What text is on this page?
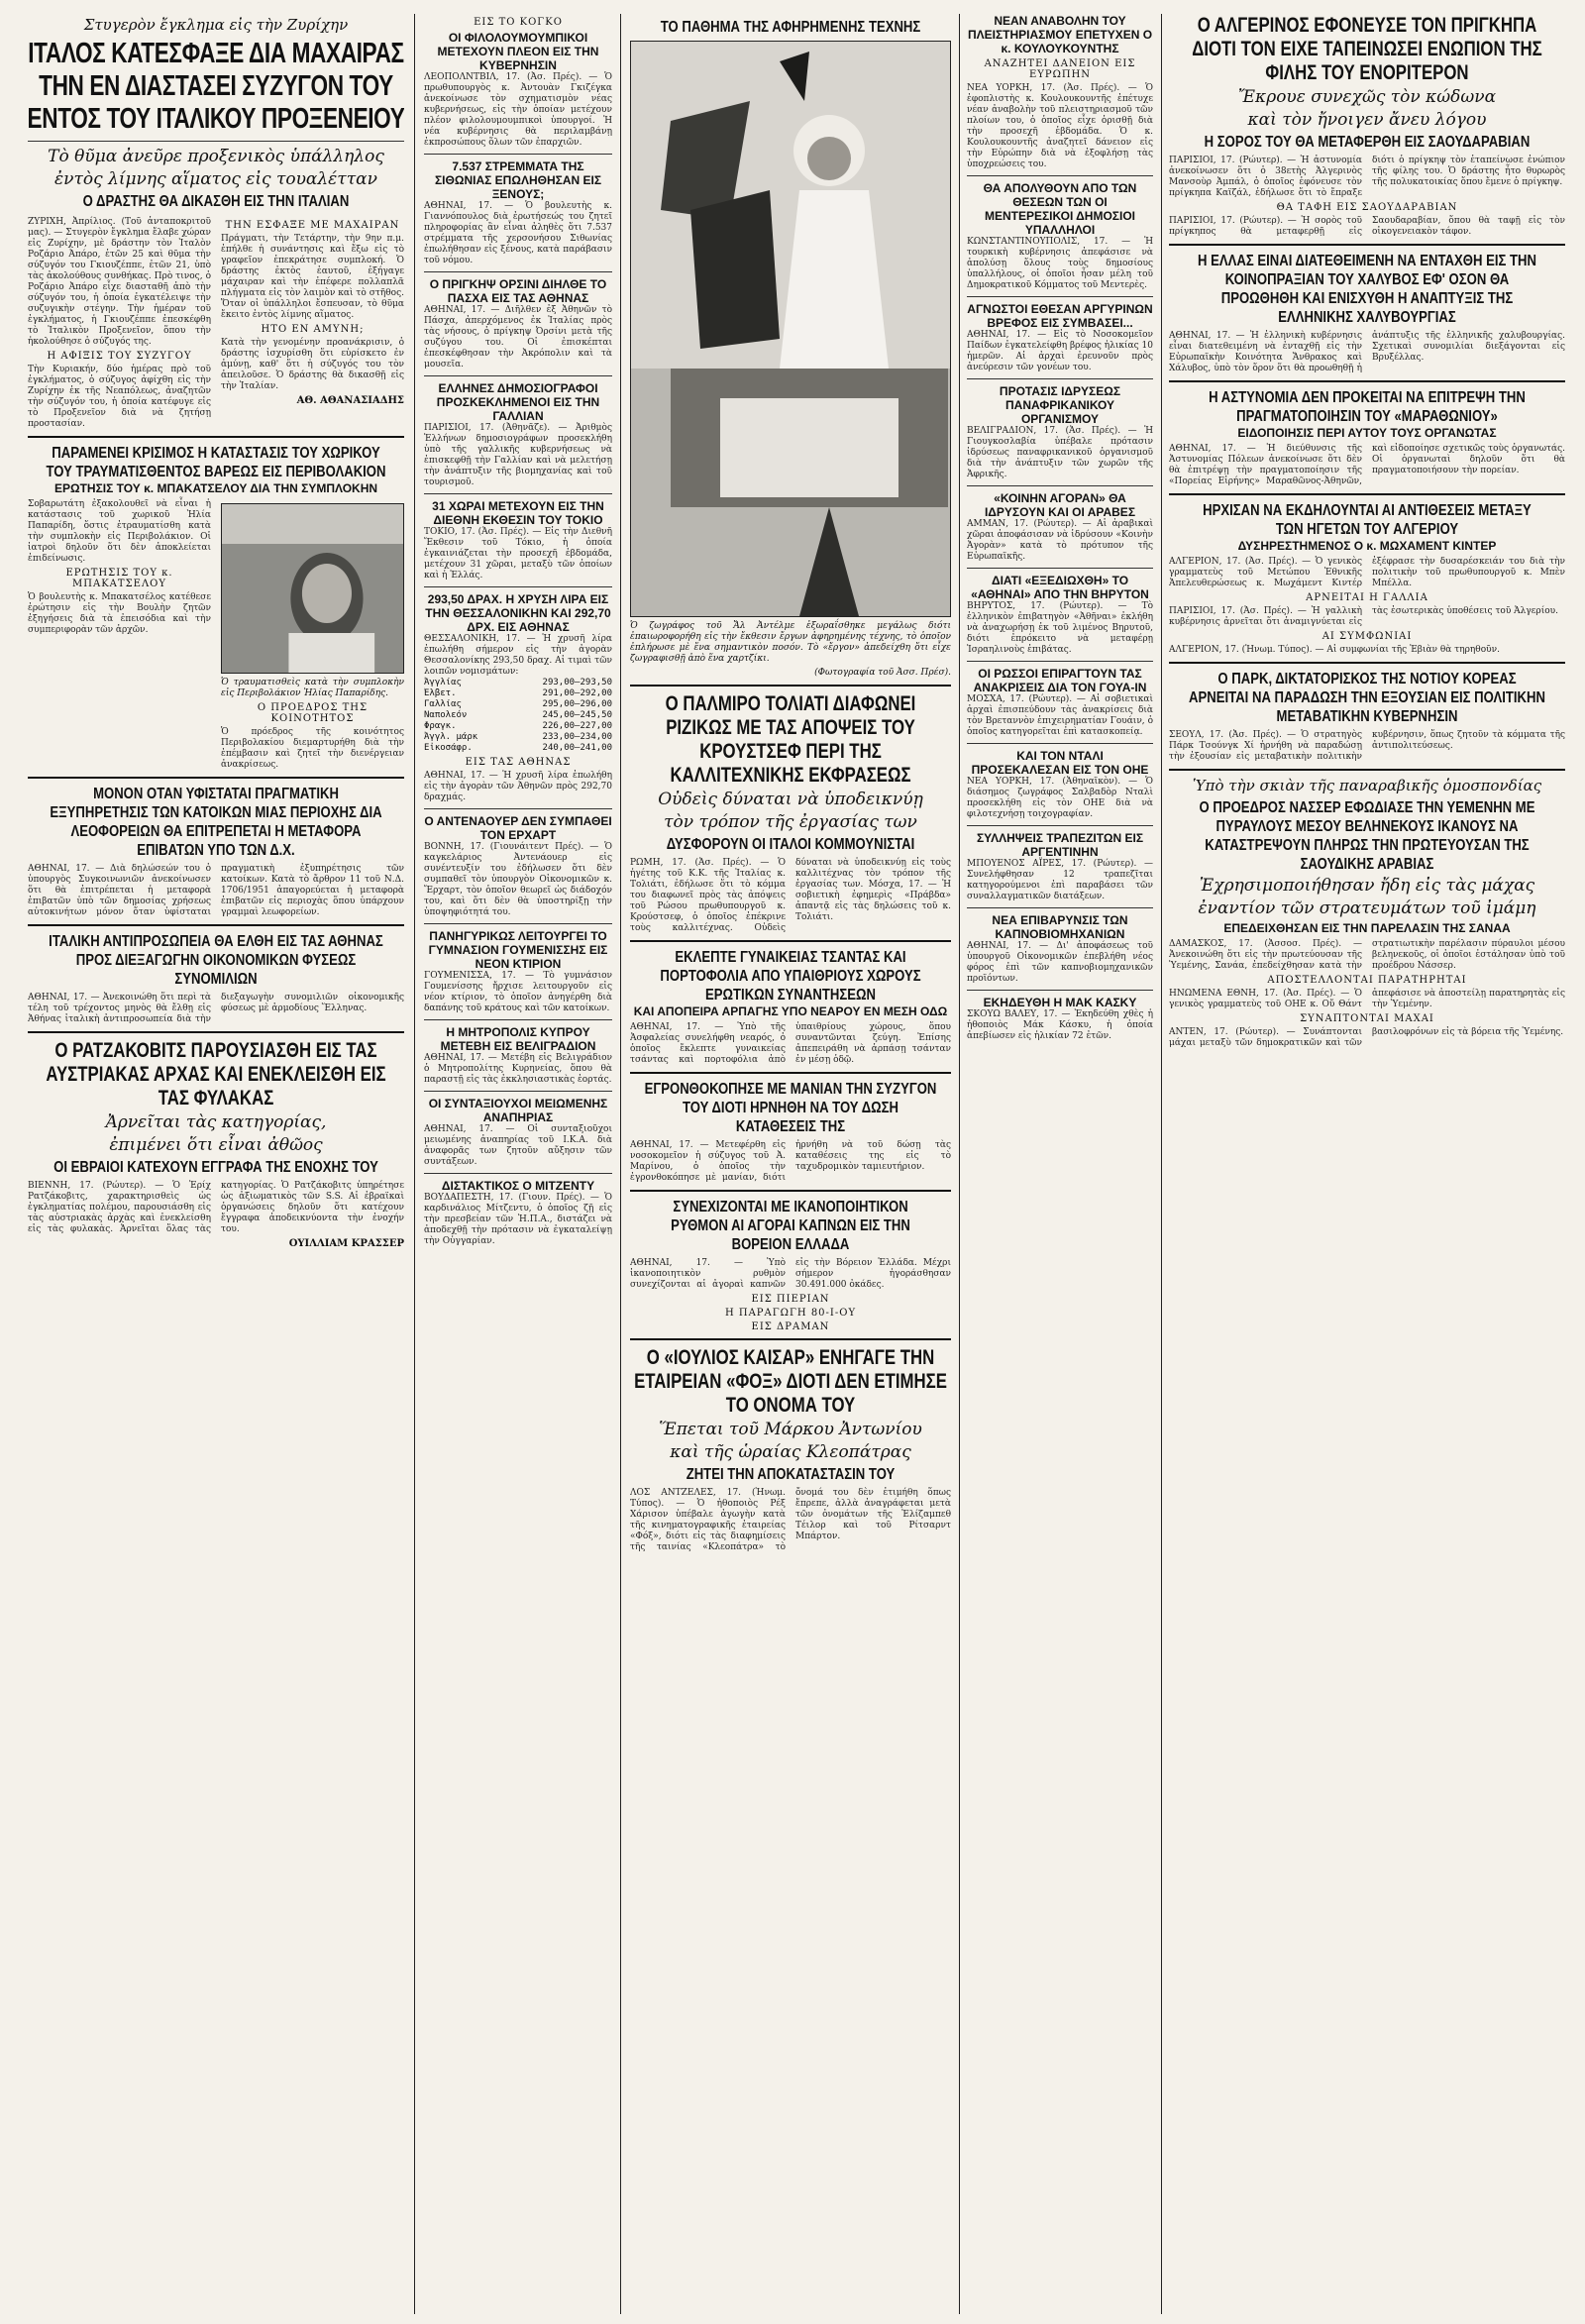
Στυγερὸν ἔγκλημα εἰς τὴν Ζυρίχην
ΙΤΑΛΟΣ ΚΑΤΕΣΦΑΞΕ ΔΙΑ ΜΑΧΑΙΡΑΣ ΤΗΝ ΕΝ ΔΙΑΣΤΑΣΕΙ ΣΥΖΥΓΟΝ ΤΟΥ ΕΝΤΟΣ ΤΟΥ ΙΤΑΛΙΚΟΥ ΠΡΟΞΕΝΕΙΟΥ
Τὸ θῦμα ἀνεῦρε προξενικὸς ὑπάλληλος
ἐντὸς λίμνης αἵματος εἰς τουαλέτταν
Ο ΔΡΑΣΤΗΣ ΘΑ ΔΙΚΑΣΘΗ ΕΙΣ ΤΗΝ ΙΤΑΛΙΑΝ
ΖΥΡΙΧΗ, Ἀπρίλιος. (Τοῦ ἀνταποκριτοῦ μας). — Στυγερὸν ἔγκλημα ἔλαβε χώραν εἰς Ζυρίχην, μὲ δράστην τὸν Ἰταλὸν Ροζάριο Ἀπάρο, ἐτῶν 25 καὶ θῦμα τὴν σύζυγόν του Γκιουζέππε, ἐτῶν 21, ὑπὸ τὰς ἀκολούθους συνθήκας. Πρὸ τινος, ὁ Ροζάριο Ἀπάρο εἶχε διασταθῆ ἀπὸ τὴν σύζυγόν του, ἡ ὁποία ἐγκατέλειψε τὴν συζυγικὴν στέγην. Τὴν ἡμέραν τοῦ ἐγκλήματος, ἡ Γκιουζέππε ἐπεσκέφθη τὸ Ἰταλικὸν Προξενεῖον, ὅπου τὴν ἠκολούθησε ὁ σύζυγός της.
Η ΑΦΙΞΙΣ ΤΟΥ ΣΥΖΥΓΟΥ
Τὴν Κυριακήν, δύο ἡμέρας πρὸ τοῦ ἐγκλήματος, ὁ σύζυγος ἀφίχθη εἰς τὴν Ζυρίχην ἐκ τῆς Νεαπόλεως, ἀναζητῶν τὴν σύζυγόν του, ἡ ὁποία κατέφυγε εἰς τὸ Προξενεῖον διὰ νὰ ζητήσῃ προστασίαν.
ΤΗΝ ΕΣΦΑΞΕ ΜΕ ΜΑΧΑΙΡΑΝ
Πράγματι, τὴν Τετάρτην, τὴν 9ην π.μ. ἐπήλθε ἡ συνάντησις καὶ ἔξω εἰς τὸ γραφεῖον ἐπεκράτησε συμπλοκή. Ὁ δράστης ἐκτὸς ἑαυτοῦ, ἐξήγαγε μάχαιραν καὶ τὴν ἐπέφερε πολλαπλᾶ πλήγματα εἰς τὸν λαιμὸν καὶ τὸ στῆθος. Ὅταν οἱ ὑπάλληλοι ἔσπευσαν, τὸ θῦμα ἔκειτο ἐντὸς λίμνης αἵματος.
ΗΤΟ ΕΝ ΑΜΥΝΗ;
Κατὰ τὴν γενομένην προανάκρισιν, ὁ δράστης ἰσχυρίσθη ὅτι εὑρίσκετο ἐν ἀμύνῃ, καθ' ὅτι ἡ σύζυγός του τὸν ἀπειλοῦσε. Ὁ δράστης θὰ δικασθῇ εἰς τὴν Ἰταλίαν.
ΑΘ. ΑΘΑΝΑΣΙΑΔΗΣ
ΠΑΡΑΜΕΝΕΙ ΚΡΙΣΙΜΟΣ Η ΚΑΤΑΣΤΑΣΙΣ ΤΟΥ ΧΩΡΙΚΟΥ ΤΟΥ ΤΡΑΥΜΑΤΙΣΘΕΝΤΟΣ ΒΑΡΕΩΣ ΕΙΣ ΠΕΡΙΒΟΛΑΚΙΟΝ
ΕΡΩΤΗΣΙΣ ΤΟΥ κ. ΜΠΑΚΑΤΣΕΛΟΥ ΔΙΑ ΤΗΝ ΣΥΜΠΛΟΚΗΝ
Σοβαρωτάτη ἐξακολουθεῖ νὰ εἶναι ἡ κατάστασις τοῦ χωρικοῦ Ἠλία Παπαρίδη, ὅστις ἐτραυματίσθη κατὰ τὴν συμπλοκὴν εἰς Περιβολάκιον. Οἱ ἰατροὶ δηλοῦν ὅτι δὲν ἀποκλείεται ἐπιδείνωσις.
ΕΡΩΤΗΣΙΣ ΤΟΥ κ. ΜΠΑΚΑΤΣΕΛΟΥ
Ὁ βουλευτὴς κ. Μπακατσέλος κατέθεσε ἐρώτησιν εἰς τὴν Βουλὴν ζητῶν ἐξηγήσεις διὰ τὰ ἐπεισόδια καὶ τὴν συμπεριφορὰν τῶν ἀρχῶν.
Ὁ τραυματισθεὶς κατὰ τὴν συμπλοκὴν εἰς Περιβολάκιον Ἠλίας Παπαρίδης.
Ο ΠΡΟΕΔΡΟΣ ΤΗΣ ΚΟΙΝΟΤΗΤΟΣ
Ὁ πρόεδρος τῆς κοινότητος Περιβολακίου διεμαρτυρήθη διὰ τὴν ἐπέμβασιν καὶ ζητεῖ τὴν διενέργειαν ἀνακρίσεως.
ΜΟΝΟΝ ΟΤΑΝ ΥΦΙΣΤΑΤΑΙ ΠΡΑΓΜΑΤΙΚΗ ΕΞΥΠΗΡΕΤΗΣΙΣ ΤΩΝ ΚΑΤΟΙΚΩΝ ΜΙΑΣ ΠΕΡΙΟΧΗΣ ΔΙΑ ΛΕΟΦΟΡΕΙΩΝ ΘΑ ΕΠΙΤΡΕΠΕΤΑΙ Η ΜΕΤΑΦΟΡΑ ΕΠΙΒΑΤΩΝ ΥΠΟ ΤΩΝ Δ.Χ.
ΑΘΗΝΑΙ, 17. — Διὰ δηλώσεών του ὁ ὑπουργὸς Συγκοινωνιῶν ἀνεκοίνωσεν ὅτι θὰ ἐπιτρέπεται ἡ μεταφορὰ ἐπιβατῶν ὑπὸ τῶν δημοσίας χρήσεως αὐτοκινήτων μόνον ὅταν ὑφίσταται πραγματικὴ ἐξυπηρέτησις τῶν κατοίκων. Κατὰ τὸ ἄρθρον 11 τοῦ Ν.Δ. 1706/1951 ἀπαγορεύεται ἡ μεταφορὰ ἐπιβατῶν εἰς περιοχὰς ὅπου ὑπάρχουν γραμμαὶ λεωφορείων.
ΙΤΑΛΙΚΗ ΑΝΤΙΠΡΟΣΩΠΕΙΑ ΘΑ ΕΛΘΗ ΕΙΣ ΤΑΣ ΑΘΗΝΑΣ ΠΡΟΣ ΔΙΕΞΑΓΩΓΗΝ ΟΙΚΟΝΟΜΙΚΩΝ ΦΥΣΕΩΣ ΣΥΝΟΜΙΛΙΩΝ
ΑΘΗΝΑΙ, 17. — Ἀνεκοινώθη ὅτι περὶ τὰ τέλη τοῦ τρέχοντος μηνὸς θὰ ἔλθῃ εἰς Ἀθήνας ἰταλικὴ ἀντιπροσωπεία διὰ τὴν διεξαγωγὴν συνομιλιῶν οἰκονομικῆς φύσεως μὲ ἁρμοδίους Ἕλληνας.
Ο ΡΑΤΖΑΚΟΒΙΤΣ ΠΑΡΟΥΣΙΑΣΘΗ ΕΙΣ ΤΑΣ ΑΥΣΤΡΙΑΚΑΣ ΑΡΧΑΣ ΚΑΙ ΕΝΕΚΛΕΙΣΘΗ ΕΙΣ ΤΑΣ ΦΥΛΑΚΑΣ
Ἀρνεῖται τὰς κατηγορίας,
ἐπιμένει ὅτι εἶναι ἀθῶος
ΟΙ ΕΒΡΑΙΟΙ ΚΑΤΕΧΟΥΝ ΕΓΓΡΑΦΑ ΤΗΣ ΕΝΟΧΗΣ ΤΟΥ
ΒΙΕΝΝΗ, 17. (Ρώυτερ). — Ὁ Ἐρίχ Ρατζάκοβιτς, χαρακτηρισθεὶς ὡς ἐγκληματίας πολέμου, παρουσιάσθη εἰς τὰς αὐστριακὰς ἀρχὰς καὶ ἐνεκλείσθη εἰς τὰς φυλακὰς. Ἀρνεῖται ὅλας τὰς κατηγορίας. Ὁ Ρατζάκοβιτς ὑπηρέτησε ὡς ἀξιωματικὸς τῶν S.S. Αἱ ἑβραϊκαὶ ὀργανώσεις δηλοῦν ὅτι κατέχουν ἔγγραφα ἀποδεικνύοντα τὴν ἐνοχήν του.
ΟΥΙΛΛΙΑΜ ΚΡΑΣΣΕΡ
ΕΙΣ ΤΟ ΚΟΓΚΟ
ΟΙ ΦΙΛΟΛΟΥΜΟΥΜΠΙΚΟΙ ΜΕΤΕΧΟΥΝ ΠΛΕΟΝ ΕΙΣ ΤΗΝ ΚΥΒΕΡΝΗΣΙΝ
ΛΕΟΠΟΛΝΤΒΙΛ, 17. (Ἀσ. Πρές). — Ὁ πρωθυπουργὸς κ. Ἀντουὰν Γκιζέγκα ἀνεκοίνωσε τὸν σχηματισμὸν νέας κυβερνήσεως, εἰς τὴν ὁποίαν μετέχουν πλέον φιλολουμουμπικοὶ ὑπουργοί. Ἡ νέα κυβέρνησις θὰ περιλαμβάνῃ ἐκπροσώπους ὅλων τῶν ἐπαρχιῶν.
7.537 ΣΤΡΕΜΜΑΤΑ ΤΗΣ ΣΙΘΩΝΙΑΣ ΕΠΩΛΗΘΗΣΑΝ ΕΙΣ ΞΕΝΟΥΣ;
ΑΘΗΝΑΙ, 17. — Ὁ βουλευτὴς κ. Γιαννόπουλος διὰ ἐρωτήσεώς του ζητεῖ πληροφορίας ἂν εἶναι ἀληθὲς ὅτι 7.537 στρέμματα τῆς χερσονήσου Σιθωνίας ἐπωλήθησαν εἰς ξένους, κατὰ παράβασιν τοῦ νόμου.
Ο ΠΡΙΓΚΗΨ ΟΡΣΙΝΙ ΔΙΗΛΘΕ ΤΟ ΠΑΣΧΑ ΕΙΣ ΤΑΣ ΑΘΗΝΑΣ
ΑΘΗΝΑΙ, 17. — Διῆλθεν ἐξ Ἀθηνῶν τὸ Πάσχα, ἀπερχόμενος ἐκ Ἰταλίας πρὸς τὰς νήσους, ὁ πρίγκηψ Ὀρσίνι μετὰ τῆς συζύγου του. Οἱ ἐπισκέπται ἐπεσκέφθησαν τὴν Ἀκρόπολιν καὶ τὰ μουσεῖα.
ΕΛΛΗΝΕΣ ΔΗΜΟΣΙΟΓΡΑΦΟΙ ΠΡΟΣΚΕΚΛΗΜΕΝΟΙ ΕΙΣ ΤΗΝ ΓΑΛΛΙΑΝ
ΠΑΡΙΣΙΟΙ, 17. (Ἀθηνᾶζε). — Ἀριθμὸς Ἑλλήνων δημοσιογράφων προσεκλήθη ὑπὸ τῆς γαλλικῆς κυβερνήσεως νὰ ἐπισκεφθῇ τὴν Γαλλίαν καὶ νὰ μελετήσῃ τὴν ἀνάπτυξιν τῆς βιομηχανίας καὶ τοῦ τουρισμοῦ.
31 ΧΩΡΑΙ ΜΕΤΕΧΟΥΝ ΕΙΣ ΤΗΝ ΔΙΕΘΝΗ ΕΚΘΕΣΙΝ ΤΟΥ ΤΟΚΙΟ
ΤΟΚΙΟ, 17. (Ἀσ. Πρές). — Εἰς τὴν Διεθνῆ Ἔκθεσιν τοῦ Τόκιο, ἡ ὁποία ἐγκαινιάζεται τὴν προσεχῆ ἑβδομάδα, μετέχουν 31 χῶραι, μεταξὺ τῶν ὁποίων καὶ ἡ Ἑλλάς.
293,50 ΔΡΑΧ. Η ΧΡΥΣΗ ΛΙΡΑ ΕΙΣ ΤΗΝ ΘΕΣΣΑΛΟΝΙΚΗΝ ΚΑΙ 292,70 ΔΡΧ. ΕΙΣ ΑΘΗΝΑΣ
ΘΕΣΣΑΛΟΝΙΚΗ, 17. — Ἡ χρυσῆ λίρα ἐπωλήθη σήμερον εἰς τὴν ἀγορὰν Θεσσαλονίκης 293,50 δραχ. Αἱ τιμαὶ τῶν λοιπῶν νομισμάτων:
Ἀγγλίας	293,00—293,50
Ἑλβετ.	291,00—292,00
Γαλλίας	295,00—296,00
Ναπολεόν	245,00—245,50
Φραγκ.	226,00—227,00
Ἀγγλ. μάρκ	233,00—234,00
Εἰκοσάφρ.	240,00—241,00
ΕΙΣ ΤΑΣ ΑΘΗΝΑΣ
ΑΘΗΝΑΙ, 17. — Ἡ χρυσῆ λίρα ἐπωλήθη εἰς τὴν ἀγορὰν τῶν Ἀθηνῶν πρὸς 292,70 δραχμάς.
Ο ΑΝΤΕΝΑΟΥΕΡ ΔΕΝ ΣΥΜΠΑΘΕΙ ΤΟΝ ΕΡΧΑΡΤ
ΒΟΝΝΗ, 17. (Γιουνάιτεντ Πρές). — Ὁ καγκελάριος Ἀντενάουερ εἰς συνέντευξίν του ἐδήλωσεν ὅτι δὲν συμπαθεῖ τὸν ὑπουργὸν Οἰκονομικῶν κ. Ἔρχαρτ, τὸν ὁποῖον θεωρεῖ ὡς διάδοχόν του, καὶ ὅτι δὲν θὰ ὑποστηρίξῃ τὴν ὑποψηφιότητά του.
ΠΑΝΗΓΥΡΙΚΩΣ ΛΕΙΤΟΥΡΓΕΙ ΤΟ ΓΥΜΝΑΣΙΟΝ ΓΟΥΜΕΝΙΣΣΗΣ ΕΙΣ ΝΕΟΝ ΚΤΙΡΙΟΝ
ΓΟΥΜΕΝΙΣΣΑ, 17. — Τὸ γυμνάσιον Γουμενίσσης ἤρχισε λειτουργοῦν εἰς νέον κτίριον, τὸ ὁποῖον ἀνηγέρθη διὰ δαπάνης τοῦ κράτους καὶ τῶν κατοίκων.
Η ΜΗΤΡΟΠΟΛΙΣ ΚΥΠΡΟΥ ΜΕΤΕΒΗ ΕΙΣ ΒΕΛΙΓΡΑΔΙΟΝ
ΑΘΗΝΑΙ, 17. — Μετέβη εἰς Βελιγράδιον ὁ Μητροπολίτης Κυρηνείας, ὅπου θὰ παραστῇ εἰς τὰς ἐκκλησιαστικὰς ἑορτάς.
ΟΙ ΣΥΝΤΑΞΙΟΥΧΟΙ ΜΕΙΩΜΕΝΗΣ ΑΝΑΠΗΡΙΑΣ
ΑΘΗΝΑΙ, 17. — Οἱ συνταξιοῦχοι μειωμένης ἀναπηρίας τοῦ Ι.Κ.Α. διὰ ἀναφορᾶς των ζητοῦν αὔξησιν τῶν συντάξεων.
ΔΙΣΤΑΚΤΙΚΟΣ Ο ΜΙΤΖΕΝΤΥ
ΒΟΥΔΑΠΕΣΤΗ, 17. (Γιουν. Πρές). — Ὁ καρδινάλιος Μίτζεντυ, ὁ ὁποῖος ζῇ εἰς τὴν πρεσβείαν τῶν Ἡ.Π.Α., διστάζει νὰ ἀποδεχθῇ τὴν πρότασιν νὰ ἐγκαταλείψῃ τὴν Οὑγγαρίαν.
ΤΟ ΠΑΘΗΜΑ ΤΗΣ ΑΦΗΡΗΜΕΝΗΣ ΤΕΧΝΗΣ
Ὁ ζωγράφος τοῦ Ἄλ Ἀντέλμε ἐξωραΐσθηκε μεγάλως διότι ἐπαιωροφορήθη εἰς τὴν ἔκθεσιν ἔργων ἀφηρημένης τέχνης, τὸ ὁποῖον ἐπλήρωσε μὲ ἕνα σημαντικὸν ποσόν. Τὸ «ἔργον» ἀπεδείχθη ὅτι εἶχε ζωγραφισθῇ ἀπὸ ἕνα χαρτζίκι.
(Φωτογραφία τοῦ Ἀσσ. Πρέσ).
Ο ΠΑΛΜΙΡΟ ΤΟΛΙΑΤΙ ΔΙΑΦΩΝΕΙ ΡΙΖΙΚΩΣ ΜΕ ΤΑΣ ΑΠΟΨΕΙΣ ΤΟΥ ΚΡΟΥΣΤΣΕΦ ΠΕΡΙ ΤΗΣ ΚΑΛΛΙΤΕΧΝΙΚΗΣ ΕΚΦΡΑΣΕΩΣ
Οὐδεὶς δύναται νὰ ὑποδεικνύῃ
τὸν τρόπον τῆς ἐργασίας των
ΔΥΣΦΟΡΟΥΝ ΟΙ ΙΤΑΛΟΙ ΚΟΜΜΟΥΝΙΣΤΑΙ
ΡΩΜΗ, 17. (Ἀσ. Πρές). — Ὁ ἡγέτης τοῦ Κ.Κ. τῆς Ἰταλίας κ. Τολιάτι, ἐδήλωσε ὅτι τὸ κόμμα του διαφωνεῖ πρὸς τὰς ἀπόψεις τοῦ Ρώσου πρωθυπουργοῦ κ. Κρούστσεφ, ὁ ὁποῖος ἐπέκρινε τοὺς καλλιτέχνας. Οὐδεὶς δύναται νὰ ὑποδεικνύῃ εἰς τοὺς καλλιτέχνας τὸν τρόπον τῆς ἐργασίας των. Μόσχα, 17. — Ἡ σοβιετικὴ ἐφημερὶς «Πράβδα» ἀπαντᾷ εἰς τὰς δηλώσεις τοῦ κ. Τολιάτι.
ΕΚΛΕΠΤΕ ΓΥΝΑΙΚΕΙΑΣ ΤΣΑΝΤΑΣ ΚΑΙ ΠΟΡΤΟΦΟΛΙΑ ΑΠΟ ΥΠΑΙΘΡΙΟΥΣ ΧΩΡΟΥΣ ΕΡΩΤΙΚΩΝ ΣΥΝΑΝΤΗΣΕΩΝ
ΚΑΙ ΑΠΟΠΕΙΡΑ ΑΡΠΑΓΗΣ ΥΠΟ ΝΕΑΡΟΥ ΕΝ ΜΕΣΗ ΟΔΩ
ΑΘΗΝΑΙ, 17. — Ὑπὸ τῆς Ἀσφαλείας συνελήφθη νεαρός, ὁ ὁποῖος ἔκλεπτε γυναικείας τσάντας καὶ πορτοφόλια ἀπὸ ὑπαιθρίους χώρους, ὅπου συναντῶνται ζεύγη. Ἐπίσης ἀπεπειράθη νὰ ἁρπάσῃ τσάνταν ἐν μέσῃ ὁδῷ.
ΕΓΡΟΝΘΟΚΟΠΗΣΕ ΜΕ ΜΑΝΙΑΝ ΤΗΝ ΣΥΖΥΓΟΝ ΤΟΥ ΔΙΟΤΙ ΗΡΝΗΘΗ ΝΑ ΤΟΥ ΔΩΣΗ ΚΑΤΑΘΕΣΕΙΣ ΤΗΣ
ΑΘΗΝΑΙ, 17. — Μετεφέρθη εἰς νοσοκομεῖον ἡ σύζυγος τοῦ Ἀ. Μαρίνου, ὁ ὁποῖος τὴν ἐγρονθοκόπησε μὲ μανίαν, διότι ἠρνήθη νὰ τοῦ δώσῃ τὰς καταθέσεις της εἰς τὸ ταχυδρομικὸν ταμιευτήριον.
ΣΥΝΕΧΙΖΟΝΤΑΙ ΜΕ ΙΚΑΝΟΠΟΙΗΤΙΚΟΝ ΡΥΘΜΟΝ ΑΙ ΑΓΟΡΑΙ ΚΑΠΝΩΝ ΕΙΣ ΤΗΝ ΒΟΡΕΙΟΝ ΕΛΛΑΔΑ
ΑΘΗΝΑΙ, 17. — Ὑπὸ ἰκανοποιητικὸν ρυθμὸν συνεχίζονται αἱ ἀγοραὶ καπνῶν εἰς τὴν Βόρειον Ἑλλάδα. Μέχρι σήμερον ἠγοράσθησαν 30.491.000 ὀκάδες.
ΕΙΣ ΠΙΕΡΙΑΝ
Η ΠΑΡΑΓΩΓΗ 80-Ι-ΟΥ
ΕΙΣ ΔΡΑΜΑΝ
Ο «ΙΟΥΛΙΟΣ ΚΑΙΣΑΡ» ΕΝΗΓΑΓΕ ΤΗΝ ΕΤΑΙΡΕΙΑΝ «ΦΟΞ» ΔΙΟΤΙ ΔΕΝ ΕΤΙΜΗΣΕ ΤΟ ΟΝΟΜΑ ΤΟΥ
Ἕπεται τοῦ Μάρκου Ἀντωνίου
καὶ τῆς ὡραίας Κλεοπάτρας
ΖΗΤΕΙ ΤΗΝ ΑΠΟΚΑΤΑΣΤΑΣΙΝ ΤΟΥ
ΛΟΣ ΑΝΤΖΕΛΕΣ, 17. (Ἡνωμ. Τύπος). — Ὁ ἠθοποιὸς Ρέξ Χάρισον ὑπέβαλε ἀγωγὴν κατὰ τῆς κινηματογραφικῆς ἑταιρείας «Φόξ», διότι εἰς τὰς διαφημίσεις τῆς ταινίας «Κλεοπάτρα» τὸ ὄνομά του δὲν ἐτιμήθη ὅπως ἔπρεπε, ἀλλὰ ἀναγράφεται μετὰ τῶν ὀνομάτων τῆς Ἐλίζαμπεθ Τέιλορ καὶ τοῦ Ρίτσαρντ Μπάρτον.
ΝΕΑΝ ΑΝΑΒΟΛΗΝ ΤΟΥ ΠΛΕΙΣΤΗΡΙΑΣΜΟΥ ΕΠΕΤΥΧΕΝ Ο κ. ΚΟΥΛΟΥΚΟΥΝΤΗΣ
ΑΝΑΖΗΤΕΙ ΔΑΝΕΙΟΝ ΕΙΣ ΕΥΡΩΠΗΝ
ΝΕΑ ΥΟΡΚΗ, 17. (Ἀσ. Πρές). — Ὁ ἐφοπλιστὴς κ. Κουλουκουντῆς ἐπέτυχε νέαν ἀναβολὴν τοῦ πλειστηριασμοῦ τῶν πλοίων του, ὁ ὁποῖος εἶχε ὁρισθῇ διὰ τὴν προσεχῆ ἑβδομάδα. Ὁ κ. Κουλουκουντῆς ἀναζητεῖ δάνειον εἰς τὴν Εὐρώπην διὰ νὰ ἐξοφλήσῃ τὰς ὑποχρεώσεις του.
ΘΑ ΑΠΟΛΥΘΟΥΝ ΑΠΟ ΤΩΝ ΘΕΣΕΩΝ ΤΩΝ ΟΙ ΜΕΝΤΕΡΕΣΙΚΟΙ ΔΗΜΟΣΙΟΙ ΥΠΑΛΛΗΛΟΙ
ΚΩΝΣΤΑΝΤΙΝΟΥΠΟΛΙΣ, 17. — Ἡ τουρκικὴ κυβέρνησις ἀπεφάσισε νὰ ἀπολύσῃ ὅλους τοὺς δημοσίους ὑπαλλήλους, οἱ ὁποῖοι ἦσαν μέλη τοῦ Δημοκρατικοῦ Κόμματος τοῦ Μεντερὲς.
ΑΓΝΩΣΤΟΙ ΕΘΕΣΑΝ ΑΡΓΥΡΙΝΩΝ ΒΡΕΦΟΣ ΕΙΣ ΣΥΜΒΑΣΕΙ...
ΑΘΗΝΑΙ, 17. — Εἰς τὸ Νοσοκομεῖον Παίδων ἐγκατελείφθη βρέφος ἡλικίας 10 ἡμερῶν. Αἱ ἀρχαὶ ἐρευνοῦν πρὸς ἀνεύρεσιν τῶν γονέων του.
ΠΡΟΤΑΣΙΣ ΙΔΡΥΣΕΩΣ ΠΑΝΑΦΡΙΚΑΝΙΚΟΥ ΟΡΓΑΝΙΣΜΟΥ
ΒΕΛΙΓΡΑΔΙΟΝ, 17. (Ἀσ. Πρές). — Ἡ Γιουγκοσλαβία ὑπέβαλε πρότασιν ἱδρύσεως παναφρικανικοῦ ὀργανισμοῦ διὰ τὴν ἀνάπτυξιν τῶν χωρῶν τῆς Ἀφρικῆς.
«ΚΟΙΝΗΝ ΑΓΟΡΑΝ» ΘΑ ΙΔΡΥΣΟΥΝ ΚΑΙ ΟΙ ΑΡΑΒΕΣ
ΑΜΜΑΝ, 17. (Ρώυτερ). — Αἱ ἀραβικαὶ χῶραι ἀποφάσισαν νὰ ἱδρύσουν «Κοινὴν Ἀγορὰν» κατὰ τὸ πρότυπον τῆς Εὐρωπαϊκῆς.
ΔΙΑΤΙ «ΕΞΕΔΙΩΧΘΗ» ΤΟ «ΑΘΗΝΑΙ» ΑΠΟ ΤΗΝ ΒΗΡΥΤΟΝ
ΒΗΡΥΤΟΣ, 17. (Ρώυτερ). — Τὸ ἑλληνικὸν ἐπιβατηγὸν «Ἀθῆναι» ἐκλήθη νὰ ἀναχωρήσῃ ἐκ τοῦ λιμένος Βηρυτοῦ, διότι ἐπρόκειτο νὰ μεταφέρῃ Ἰσραηλινοὺς ἐπιβάτας.
ΟΙ ΡΩΣΣΟΙ ΕΠΙΡΑΓΤΟΥΝ ΤΑΣ ΑΝΑΚΡΙΣΕΙΣ ΔΙΑ ΤΟΝ ΓΟΥΑ-ΙΝ
ΜΟΣΧΑ, 17. (Ρώυτερ). — Αἱ σοβιετικαὶ ἀρχαὶ ἐπισπεύδουν τὰς ἀνακρίσεις διὰ τὸν Βρεταννὸν ἐπιχειρηματίαν Γουάιν, ὁ ὁποῖος κατηγορεῖται ἐπὶ κατασκοπείᾳ.
ΚΑΙ ΤΟΝ ΝΤΑΛΙ ΠΡΟΣΕΚΑΛΕΣΑΝ ΕΙΣ ΤΟΝ ΟΗΕ
ΝΕΑ ΥΟΡΚΗ, 17. (Ἀθηναϊκὸν). — Ὁ διάσημος ζωγράφος Σαλβαδὸρ Νταλὶ προσεκλήθη εἰς τὸν ΟΗΕ διὰ νὰ φιλοτεχνήσῃ τοιχογραφίαν.
ΣΥΛΛΗΨΕΙΣ ΤΡΑΠΕΖΙΤΩΝ ΕΙΣ ΑΡΓΕΝΤΙΝΗΝ
ΜΠΟΥΕΝΟΣ ΑΪΡΕΣ, 17. (Ρώυτερ). — Συνελήφθησαν 12 τραπεζῖται κατηγορούμενοι ἐπὶ παραβάσει τῶν συναλλαγματικῶν διατάξεων.
ΝΕΑ ΕΠΙΒΑΡΥΝΣΙΣ ΤΩΝ ΚΑΠΝΟΒΙΟΜΗΧΑΝΙΩΝ
ΑΘΗΝΑΙ, 17. — Δι' ἀποφάσεως τοῦ ὑπουργοῦ Οἰκονομικῶν ἐπεβλήθη νέος φόρος ἐπὶ τῶν καπνοβιομηχανικῶν προϊόντων.
ΕΚΗΔΕΥΘΗ Η ΜΑΚ ΚΑΣΚΥ
ΣΚΟΥΩ ΒΑΛΕΥ, 17. — Ἐκηδεύθη χθὲς ἡ ἠθοποιὸς Μάκ Κάσκυ, ἡ ὁποία ἀπεβίωσεν εἰς ἡλικίαν 72 ἐτῶν.
Ο ΑΛΓΕΡΙΝΟΣ ΕΦΟΝΕΥΣΕ ΤΟΝ ΠΡΙΓΚΗΠΑ ΔΙΟΤΙ ΤΟΝ ΕΙΧΕ ΤΑΠΕΙΝΩΣΕΙ ΕΝΩΠΙΟΝ ΤΗΣ ΦΙΛΗΣ ΤΟΥ ΕΝΟΡΙΤΕΡΟΝ
Ἔκρουε συνεχῶς τὸν κώδωνα
καὶ τὸν ἤνοιγεν ἄνευ λόγου
Η ΣΟΡΟΣ ΤΟΥ ΘΑ ΜΕΤΑΦΕΡΘΗ ΕΙΣ ΣΑΟΥΔΑΡΑΒΙΑΝ
ΠΑΡΙΣΙΟΙ, 17. (Ρώυτερ). — Ἡ ἀστυνομία ἀνεκοίνωσεν ὅτι ὁ 38ετὴς Ἀλγερινὸς Μανσοὺρ Ἀμπάλ, ὁ ὁποῖος ἐφόνευσε τὸν πρίγκηπα Καϊζάλ, ἐδήλωσε ὅτι τὸ ἔπραξε διότι ὁ πρίγκηψ τὸν ἐταπείνωσε ἐνώπιον τῆς φίλης του. Ὁ δράστης ἦτο θυρωρὸς τῆς πολυκατοικίας ὅπου ἔμενε ὁ πρίγκηψ.
ΘΑ ΤΑΦΗ ΕΙΣ ΣΑΟΥΔΑΡΑΒΙΑΝ
ΠΑΡΙΣΙΟΙ, 17. (Ρώυτερ). — Ἡ σορὸς τοῦ πρίγκηπος θὰ μεταφερθῇ εἰς Σαουδαραβίαν, ὅπου θὰ ταφῇ εἰς τὸν οἰκογενειακὸν τάφον.
Η ΕΛΛΑΣ ΕΙΝΑΙ ΔΙΑΤΕΘΕΙΜΕΝΗ ΝΑ ΕΝΤΑΧΘΗ ΕΙΣ ΤΗΝ ΚΟΙΝΟΠΡΑΞΙΑΝ ΤΟΥ ΧΑΛΥΒΟΣ ΕΦ' ΟΣΟΝ ΘΑ ΠΡΟΩΘΗΘΗ ΚΑΙ ΕΝΙΣΧΥΘΗ Η ΑΝΑΠΤΥΞΙΣ ΤΗΣ ΕΛΛΗΝΙΚΗΣ ΧΑΛΥΒΟΥΡΓΙΑΣ
ΑΘΗΝΑΙ, 17. — Ἡ ἑλληνικὴ κυβέρνησις εἶναι διατεθειμένη νὰ ἐνταχθῇ εἰς τὴν Εὐρωπαϊκὴν Κοινότητα Ἄνθρακος καὶ Χάλυβος, ὑπὸ τὸν ὅρον ὅτι θὰ προωθηθῇ ἡ ἀνάπτυξις τῆς ἑλληνικῆς χαλυβουργίας. Σχετικαὶ συνομιλίαι διεξάγονται εἰς Βρυξέλλας.
Η ΑΣΤΥΝΟΜΙΑ ΔΕΝ ΠΡΟΚΕΙΤΑΙ ΝΑ ΕΠΙΤΡΕΨΗ ΤΗΝ ΠΡΑΓΜΑΤΟΠΟΙΗΣΙΝ ΤΟΥ «ΜΑΡΑΘΩΝΙΟΥ»
ΕΙΔΟΠΟΙΗΣΙΣ ΠΕΡΙ ΑΥΤΟΥ ΤΟΥΣ ΟΡΓΑΝΩΤΑΣ
ΑΘΗΝΑΙ, 17. — Ἡ διεύθυνσις τῆς Ἀστυνομίας Πόλεων ἀνεκοίνωσε ὅτι δὲν θὰ ἐπιτρέψῃ τὴν πραγματοποίησιν τῆς «Πορείας Εἰρήνης» Μαραθῶνος-Ἀθηνῶν, καὶ εἰδοποίησε σχετικῶς τοὺς ὀργανωτάς. Οἱ ὀργανωταὶ δηλοῦν ὅτι θὰ πραγματοποιήσουν τὴν πορείαν.
ΗΡΧΙΣΑΝ ΝΑ ΕΚΔΗΛΟΥΝΤΑΙ ΑΙ ΑΝΤΙΘΕΣΕΙΣ ΜΕΤΑΞΥ ΤΩΝ ΗΓΕΤΩΝ ΤΟΥ ΑΛΓΕΡΙΟΥ
ΔΥΣΗΡΕΣΤΗΜΕΝΟΣ Ο κ. ΜΩΧΑΜΕΝΤ ΚΙΝΤΕΡ
ΑΛΓΕΡΙΟΝ, 17. (Ἀσ. Πρές). — Ὁ γενικὸς γραμματεὺς τοῦ Μετώπου Ἐθνικῆς Ἀπελευθερώσεως κ. Μωχάμεντ Κιντέρ ἐξέφρασε τὴν δυσαρέσκειάν του διὰ τὴν πολιτικὴν τοῦ πρωθυπουργοῦ κ. Μπὲν Μπέλλα.
ΑΡΝΕΙΤΑΙ Η ΓΑΛΛΙΑ
ΠΑΡΙΣΙΟΙ, 17. (Ἀσ. Πρές). — Ἡ γαλλικὴ κυβέρνησις ἀρνεῖται ὅτι ἀναμιγνύεται εἰς τὰς ἐσωτερικὰς ὑποθέσεις τοῦ Ἀλγερίου.
ΑΙ ΣΥΜΦΩΝΙΑΙ
ΑΛΓΕΡΙΟΝ, 17. (Ἡνωμ. Τύπος). — Αἱ συμφωνίαι τῆς Ἐβιὰν θὰ τηρηθοῦν.
Ο ΠΑΡΚ, ΔΙΚΤΑΤΟΡΙΣΚΟΣ ΤΗΣ ΝΟΤΙΟΥ ΚΟΡΕΑΣ ΑΡΝΕΙΤΑΙ ΝΑ ΠΑΡΑΔΩΣΗ ΤΗΝ ΕΞΟΥΣΙΑΝ ΕΙΣ ΠΟΛΙΤΙΚΗΝ ΜΕΤΑΒΑΤΙΚΗΝ ΚΥΒΕΡΝΗΣΙΝ
ΣΕΟΥΛ, 17. (Ἀσ. Πρές). — Ὁ στρατηγὸς Πάρκ Τσούνγκ Χί ἠρνήθη νὰ παραδώσῃ τὴν ἐξουσίαν εἰς μεταβατικὴν πολιτικὴν κυβέρνησιν, ὅπως ζητοῦν τὰ κόμματα τῆς ἀντιπολιτεύσεως.
Ὑπὸ τὴν σκιὰν τῆς παναραβικῆς ὁμοσπονδίας
Ο ΠΡΟΕΔΡΟΣ ΝΑΣΣΕΡ ΕΦΩΔΙΑΣΕ ΤΗΝ ΥΕΜΕΝΗΝ ΜΕ ΠΥΡΑΥΛΟΥΣ ΜΕΣΟΥ ΒΕΛΗΝΕΚΟΥΣ ΙΚΑΝΟΥΣ ΝΑ ΚΑΤΑΣΤΡΕΨΟΥΝ ΠΛΗΡΩΣ ΤΗΝ ΠΡΩΤΕΥΟΥΣΑΝ ΤΗΣ ΣΑΟΥΔΙΚΗΣ ΑΡΑΒΙΑΣ
Ἐχρησιμοποιήθησαν ἤδη εἰς τὰς μάχας
ἐναντίον τῶν στρατευμάτων τοῦ ἰμάμη
ΕΠΕΔΕΙΧΘΗΣΑΝ ΕΙΣ ΤΗΝ ΠΑΡΕΛΑΣΙΝ ΤΗΣ ΣΑΝΑΑ
ΔΑΜΑΣΚΟΣ, 17. (Ἀσσοσ. Πρές). — Ἀνεκοινώθη ὅτι εἰς τὴν πρωτεύουσαν τῆς Ὑεμένης, Σανάα, ἐπεδείχθησαν κατὰ τὴν στρατιωτικὴν παρέλασιν πύραυλοι μέσου βεληνεκοῦς, οἱ ὁποῖοι ἐστάλησαν ὑπὸ τοῦ προέδρου Νάσσερ.
ΑΠΟΣΤΕΛΛΟΝΤΑΙ ΠΑΡΑΤΗΡΗΤΑΙ
ΗΝΩΜΕΝΑ ΕΘΝΗ, 17. (Ἀσ. Πρές). — Ὁ γενικὸς γραμματεὺς τοῦ ΟΗΕ κ. Οὔ Θάντ ἀπεφάσισε νὰ ἀποστείλῃ παρατηρητὰς εἰς τὴν Ὑεμένην.
ΣΥΝΑΠΤΟΝΤΑΙ ΜΑΧΑΙ
ΑΝΤΕΝ, 17. (Ρώυτερ). — Συνάπτονται μάχαι μεταξὺ τῶν δημοκρατικῶν καὶ τῶν βασιλοφρόνων εἰς τὰ βόρεια τῆς Ὑεμένης.
